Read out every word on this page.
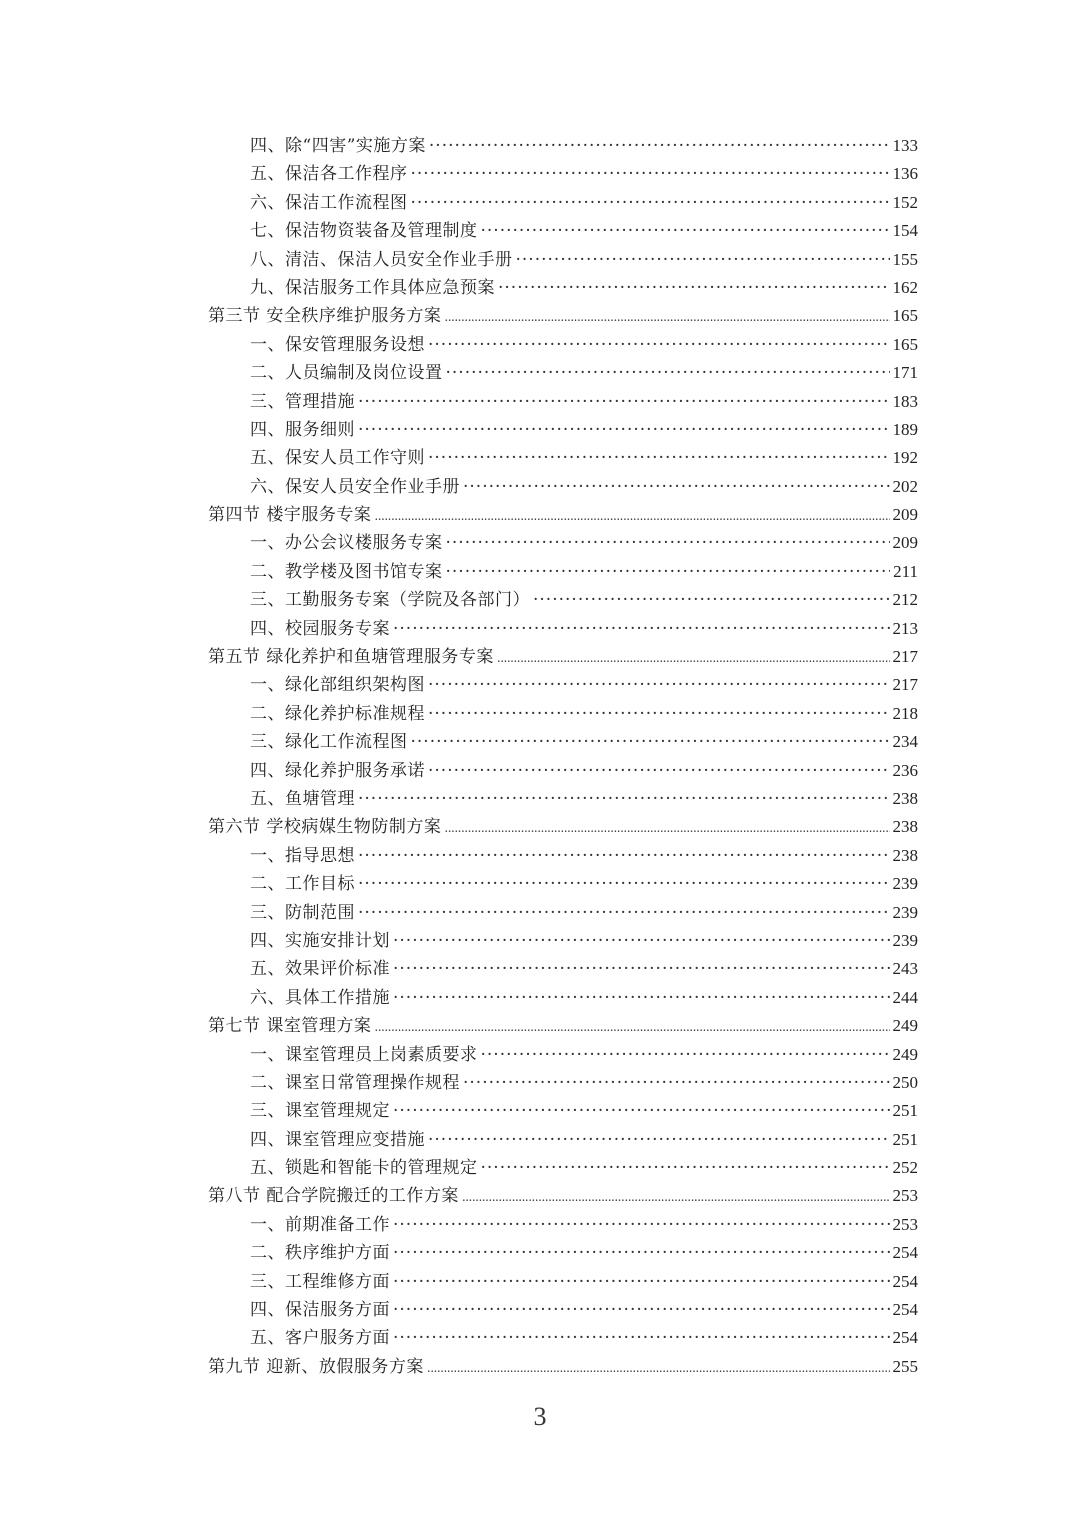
四、除“四害”实施方案 ·····	133
五、保洁各工作程序 ·····	136
六、保洁工作流程图 ·····	152
七、保洁物资装备及管理制度 ·····	154
八、清洁、保洁人员安全作业手册 ·····	155
九、保洁服务工作具体应急预案 ·····	162
第三节 安全秩序维护服务方案 .....	165
一、保安管理服务设想 ·····	165
二、人员编制及岗位设置 ·····	171
三、管理措施 ·····	183
四、服务细则 ·····	189
五、保安人员工作守则 ·····	192
六、保安人员安全作业手册 ·····	202
第四节 楼宇服务专案 .....	209
一、办公会议楼服务专案 ·····	209
二、教学楼及图书馆专案 ·····	211
三、工勤服务专案（学院及各部门） ·····	212
四、校园服务专案 ·····	213
第五节 绿化养护和鱼塘管理服务专案 .....	217
一、绿化部组织架构图 ·····	217
二、绿化养护标准规程 ·····	218
三、绿化工作流程图 ·····	234
四、绿化养护服务承诺 ·····	236
五、鱼塘管理 ·····	238
第六节 学校病媒生物防制方案 .....	238
一、指导思想 ·····	238
二、工作目标 ·····	239
三、防制范围 ·····	239
四、实施安排计划 ·····	239
五、效果评价标准 ·····	243
六、具体工作措施 ·····	244
第七节 课室管理方案 .....	249
一、课室管理员上岗素质要求 ·····	249
二、课室日常管理操作规程 ·····	250
三、课室管理规定 ·····	251
四、课室管理应变措施 ·····	251
五、锁匙和智能卡的管理规定 ·····	252
第八节 配合学院搬迁的工作方案 .....	253
一、前期准备工作 ·····	253
二、秩序维护方面 ·····	254
三、工程维修方面 ·····	254
四、保洁服务方面 ·····	254
五、客户服务方面 ·····	254
第九节 迎新、放假服务方案 .....	255
3
